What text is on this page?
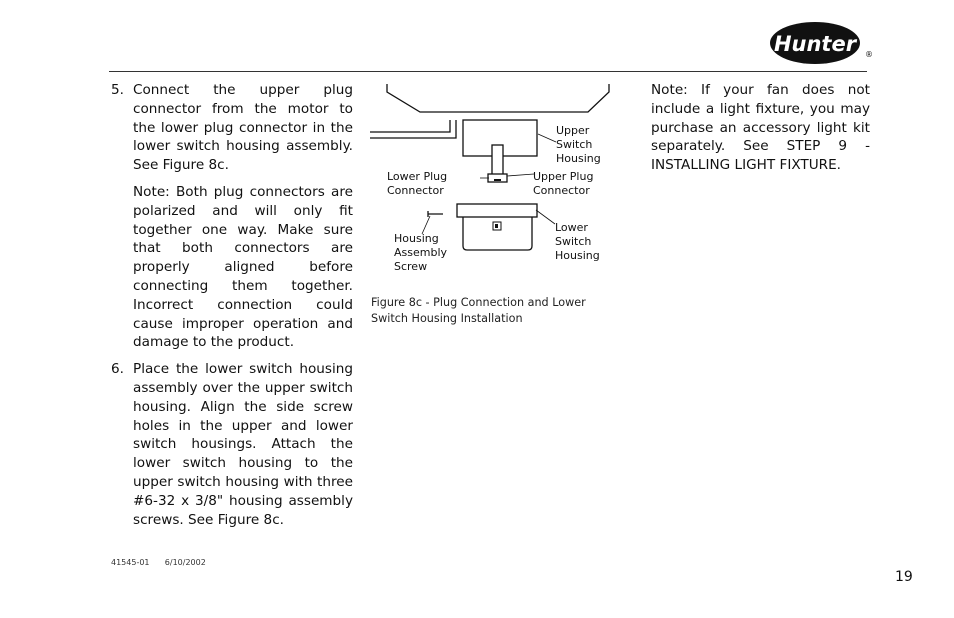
Hunter ®
5. Connect the upper plug connector from the motor to the lower plug connector in the lower switch housing assembly. See Figure 8c.

Note: Both plug connectors are polarized and will only fit together one way. Make sure that both connectors are properly aligned before connecting them together. Incorrect connection could cause improper operation and damage to the product.

6. Place the lower switch housing assembly over the upper switch housing. Align the side screw holes in the upper and lower switch housings. Attach the lower switch housing to the upper switch housing with three #6-32 x 3/8" housing assembly screws. See Figure 8c.

Upper Switch Housing
Lower Plug Connector
Upper Plug Connector
Lower Switch Housing
Housing Assembly Screw
Figure 8c - Plug Connection and Lower
Switch Housing Installation

Note: If your fan does not include a light fixture, you may purchase an accessory light kit separately. See STEP 9 - INSTALLING LIGHT FIXTURE.

41545-01 6/10/2002
19
